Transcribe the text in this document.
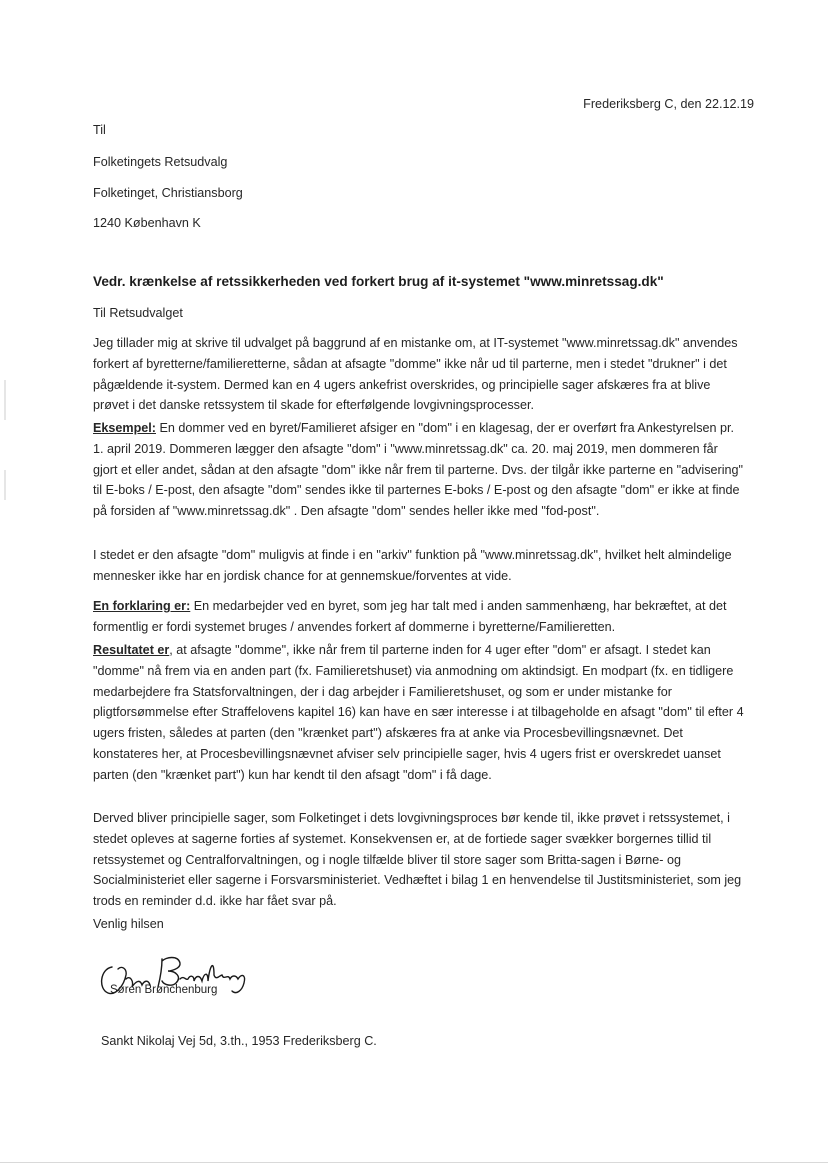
Frederiksberg C, den 22.12.19
Til
Folketingets Retsudvalg
Folketinget, Christiansborg
1240 København K
Vedr. krænkelse af retssikkerheden ved forkert brug af it-systemet "www.minretssag.dk"
Til Retsudvalget
Jeg tillader mig at skrive til udvalget på baggrund af en mistanke om, at IT-systemet "www.minretssag.dk" anvendes forkert af byretterne/familieretterne, sådan at afsagte "domme" ikke når ud til parterne, men i stedet "drukner" i det pågældende it-system. Dermed kan en 4 ugers ankefrist overskrides, og principielle sager afskæres fra at blive prøvet i det danske retssystem til skade for efterfølgende lovgivningsprocesser.
Eksempel: En dommer ved en byret/Familieret afsiger en "dom" i en klagesag, der er overført fra Ankestyrelsen pr. 1. april 2019. Dommeren lægger den afsagte "dom" i "www.minretssag.dk" ca. 20. maj 2019, men dommeren får gjort et eller andet, sådan at den afsagte "dom" ikke når frem til parterne. Dvs. der tilgår ikke parterne en "advisering" til E-boks / E-post, den afsagte "dom" sendes ikke til parternes E-boks / E-post og den afsagte "dom" er ikke at finde på forsiden af "www.minretssag.dk" . Den afsagte "dom" sendes heller ikke med "fod-post".
I stedet er den afsagte "dom" muligvis at finde i en "arkiv" funktion på "www.minretssag.dk", hvilket helt almindelige mennesker ikke har en jordisk chance for at gennemskue/forventes at vide.
En forklaring er: En medarbejder ved en byret, som jeg har talt med i anden sammenhæng, har bekræftet, at det formentlig er fordi systemet bruges / anvendes forkert af dommerne i byretterne/Familieretten.
Resultatet er, at afsagte "domme", ikke når frem til parterne inden for 4 uger efter "dom" er afsagt. I stedet kan "domme" nå frem via en anden part (fx. Familieretshuset) via anmodning om aktindsigt. En modpart (fx. en tidligere medarbejdere fra Statsforvaltningen, der i dag arbejder i Familieretshuset, og som er under mistanke for pligtforsømmelse efter Straffelovens kapitel 16) kan have en sær interesse i at tilbageholde en afsagt "dom" til efter 4 ugers fristen, således at parten (den "krænket part") afskæres fra at anke via Procesbevillingsnævnet. Det konstateres her, at Procesbevillingsnævnet afviser selv principielle sager, hvis 4 ugers frist er overskredet uanset parten (den "krænket part") kun har kendt til den afsagt "dom" i få dage.
Derved bliver principielle sager, som Folketinget i dets lovgivningsproces bør kende til, ikke prøvet i retssystemet, i stedet opleves at sagerne forties af systemet. Konsekvensen er, at de fortiede sager svækker borgernes tillid til retssystemet og Centralforvaltningen, og i nogle tilfælde bliver til store sager som Britta-sagen i Børne- og Socialministeriet eller sagerne i Forsvarsministeriet. Vedhæftet i bilag 1 en henvendelse til Justitsministeriet, som jeg trods en reminder d.d. ikke har fået svar på.
Venlig hilsen
Søren Brønchenburg
Sankt Nikolaj Vej 5d, 3.th., 1953 Frederiksberg C.
